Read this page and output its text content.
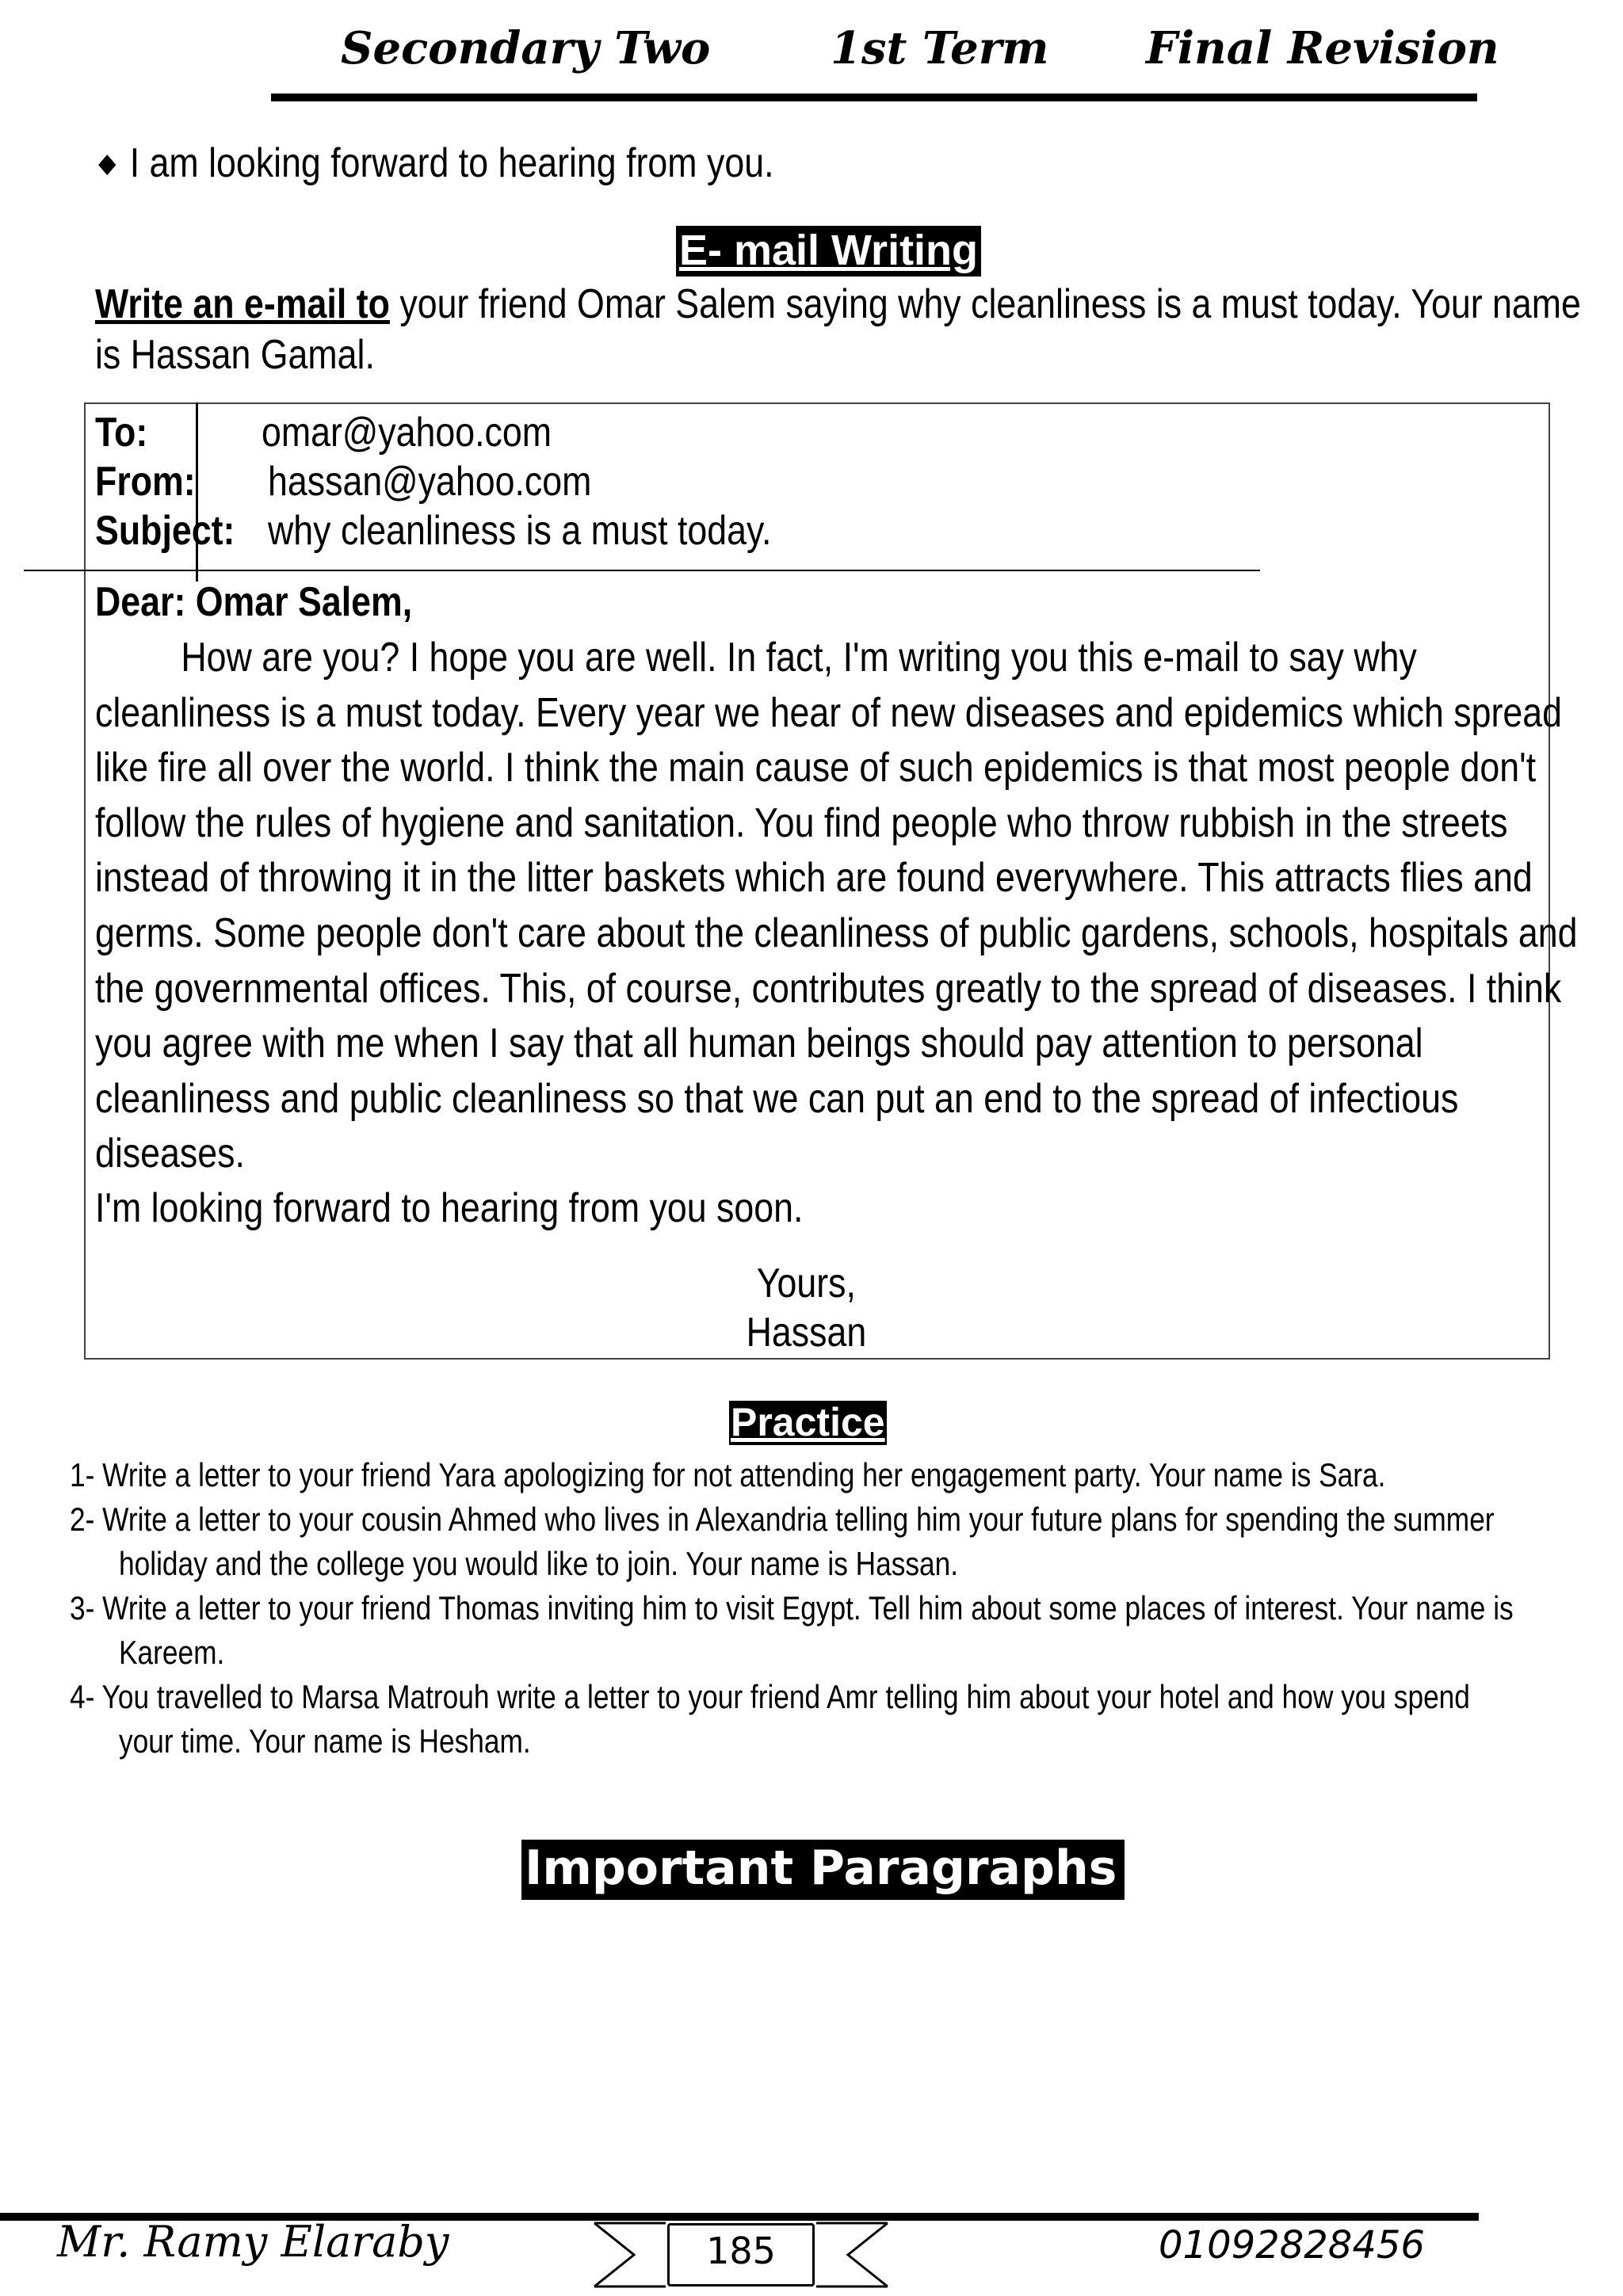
Secondary Two	1st Term Final Revision
◆ I am looking forward to hearing from you.
E- mail Writing
Write an e-mail to your friend Omar Salem saying why cleanliness is a must today. Your name is Hassan Gamal.
To:	omar@yahoo.com
From: hassan@yahoo.com
Subject: why cleanliness is a must today.
Dear: Omar Salem,
How are you? I hope you are well. In fact, I'm writing you this e-mail to say why cleanliness is a must today. Every year we hear of new diseases and epidemics which spread like fire all over the world. I think the main cause of such epidemics is that most people don't follow the rules of hygiene and sanitation. You find people who throw rubbish in the streets instead of throwing it in the litter baskets which are found everywhere. This attracts flies and germs. Some people don't care about the cleanliness of public gardens, schools, hospitals and the governmental offices. This, of course, contributes greatly to the spread of diseases. I think you agree with me when I say that all human beings should pay attention to personal cleanliness and public cleanliness so that we can put an end to the spread of infectious diseases.
I'm looking forward to hearing from you soon.
Yours,
Hassan
Practice
1- Write a letter to your friend Yara apologizing for not attending her engagement party. Your name is Sara.
2- Write a letter to your cousin Ahmed who lives in Alexandria telling him your future plans for spending the summer
holiday and the college you would like to join. Your name is Hassan.
3- Write a letter to your friend Thomas inviting him to visit Egypt. Tell him about some places of interest. Your name is
Kareem.
4- You travelled to Marsa Matrouh write a letter to your friend Amr telling him about your hotel and how you spend
your time. Your name is Hesham.
Important Paragraphs
185
Mr. Ramy Elaraby	01092828456
